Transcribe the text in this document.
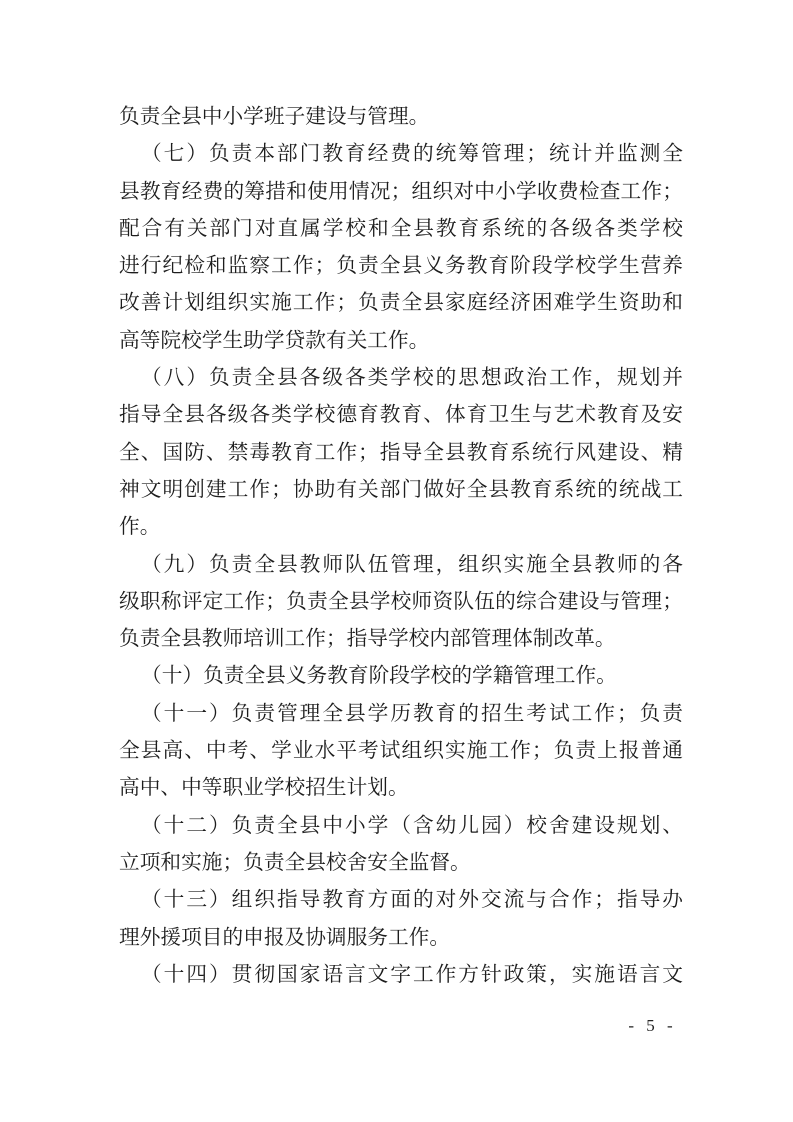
负责全县中小学班子建设与管理。
（七）负责本部门教育经费的统筹管理；统计并监测全
县教育经费的筹措和使用情况；组织对中小学收费检查工作；
配合有关部门对直属学校和全县教育系统的各级各类学校
进行纪检和监察工作；负责全县义务教育阶段学校学生营养
改善计划组织实施工作；负责全县家庭经济困难学生资助和
高等院校学生助学贷款有关工作。
（八）负责全县各级各类学校的思想政治工作，规划并
指导全县各级各类学校德育教育、体育卫生与艺术教育及安
全、国防、禁毒教育工作；指导全县教育系统行风建设、精
神文明创建工作；协助有关部门做好全县教育系统的统战工
作。
（九）负责全县教师队伍管理，组织实施全县教师的各
级职称评定工作；负责全县学校师资队伍的综合建设与管理；
负责全县教师培训工作；指导学校内部管理体制改革。
（十）负责全县义务教育阶段学校的学籍管理工作。
（十一）负责管理全县学历教育的招生考试工作；负责
全县高、中考、学业水平考试组织实施工作；负责上报普通
高中、中等职业学校招生计划。
（十二）负责全县中小学（含幼儿园）校舍建设规划、
立项和实施；负责全县校舍安全监督。
（十三）组织指导教育方面的对外交流与合作；指导办
理外援项目的申报及协调服务工作。
（十四）贯彻国家语言文字工作方针政策，实施语言文
- 5 -
